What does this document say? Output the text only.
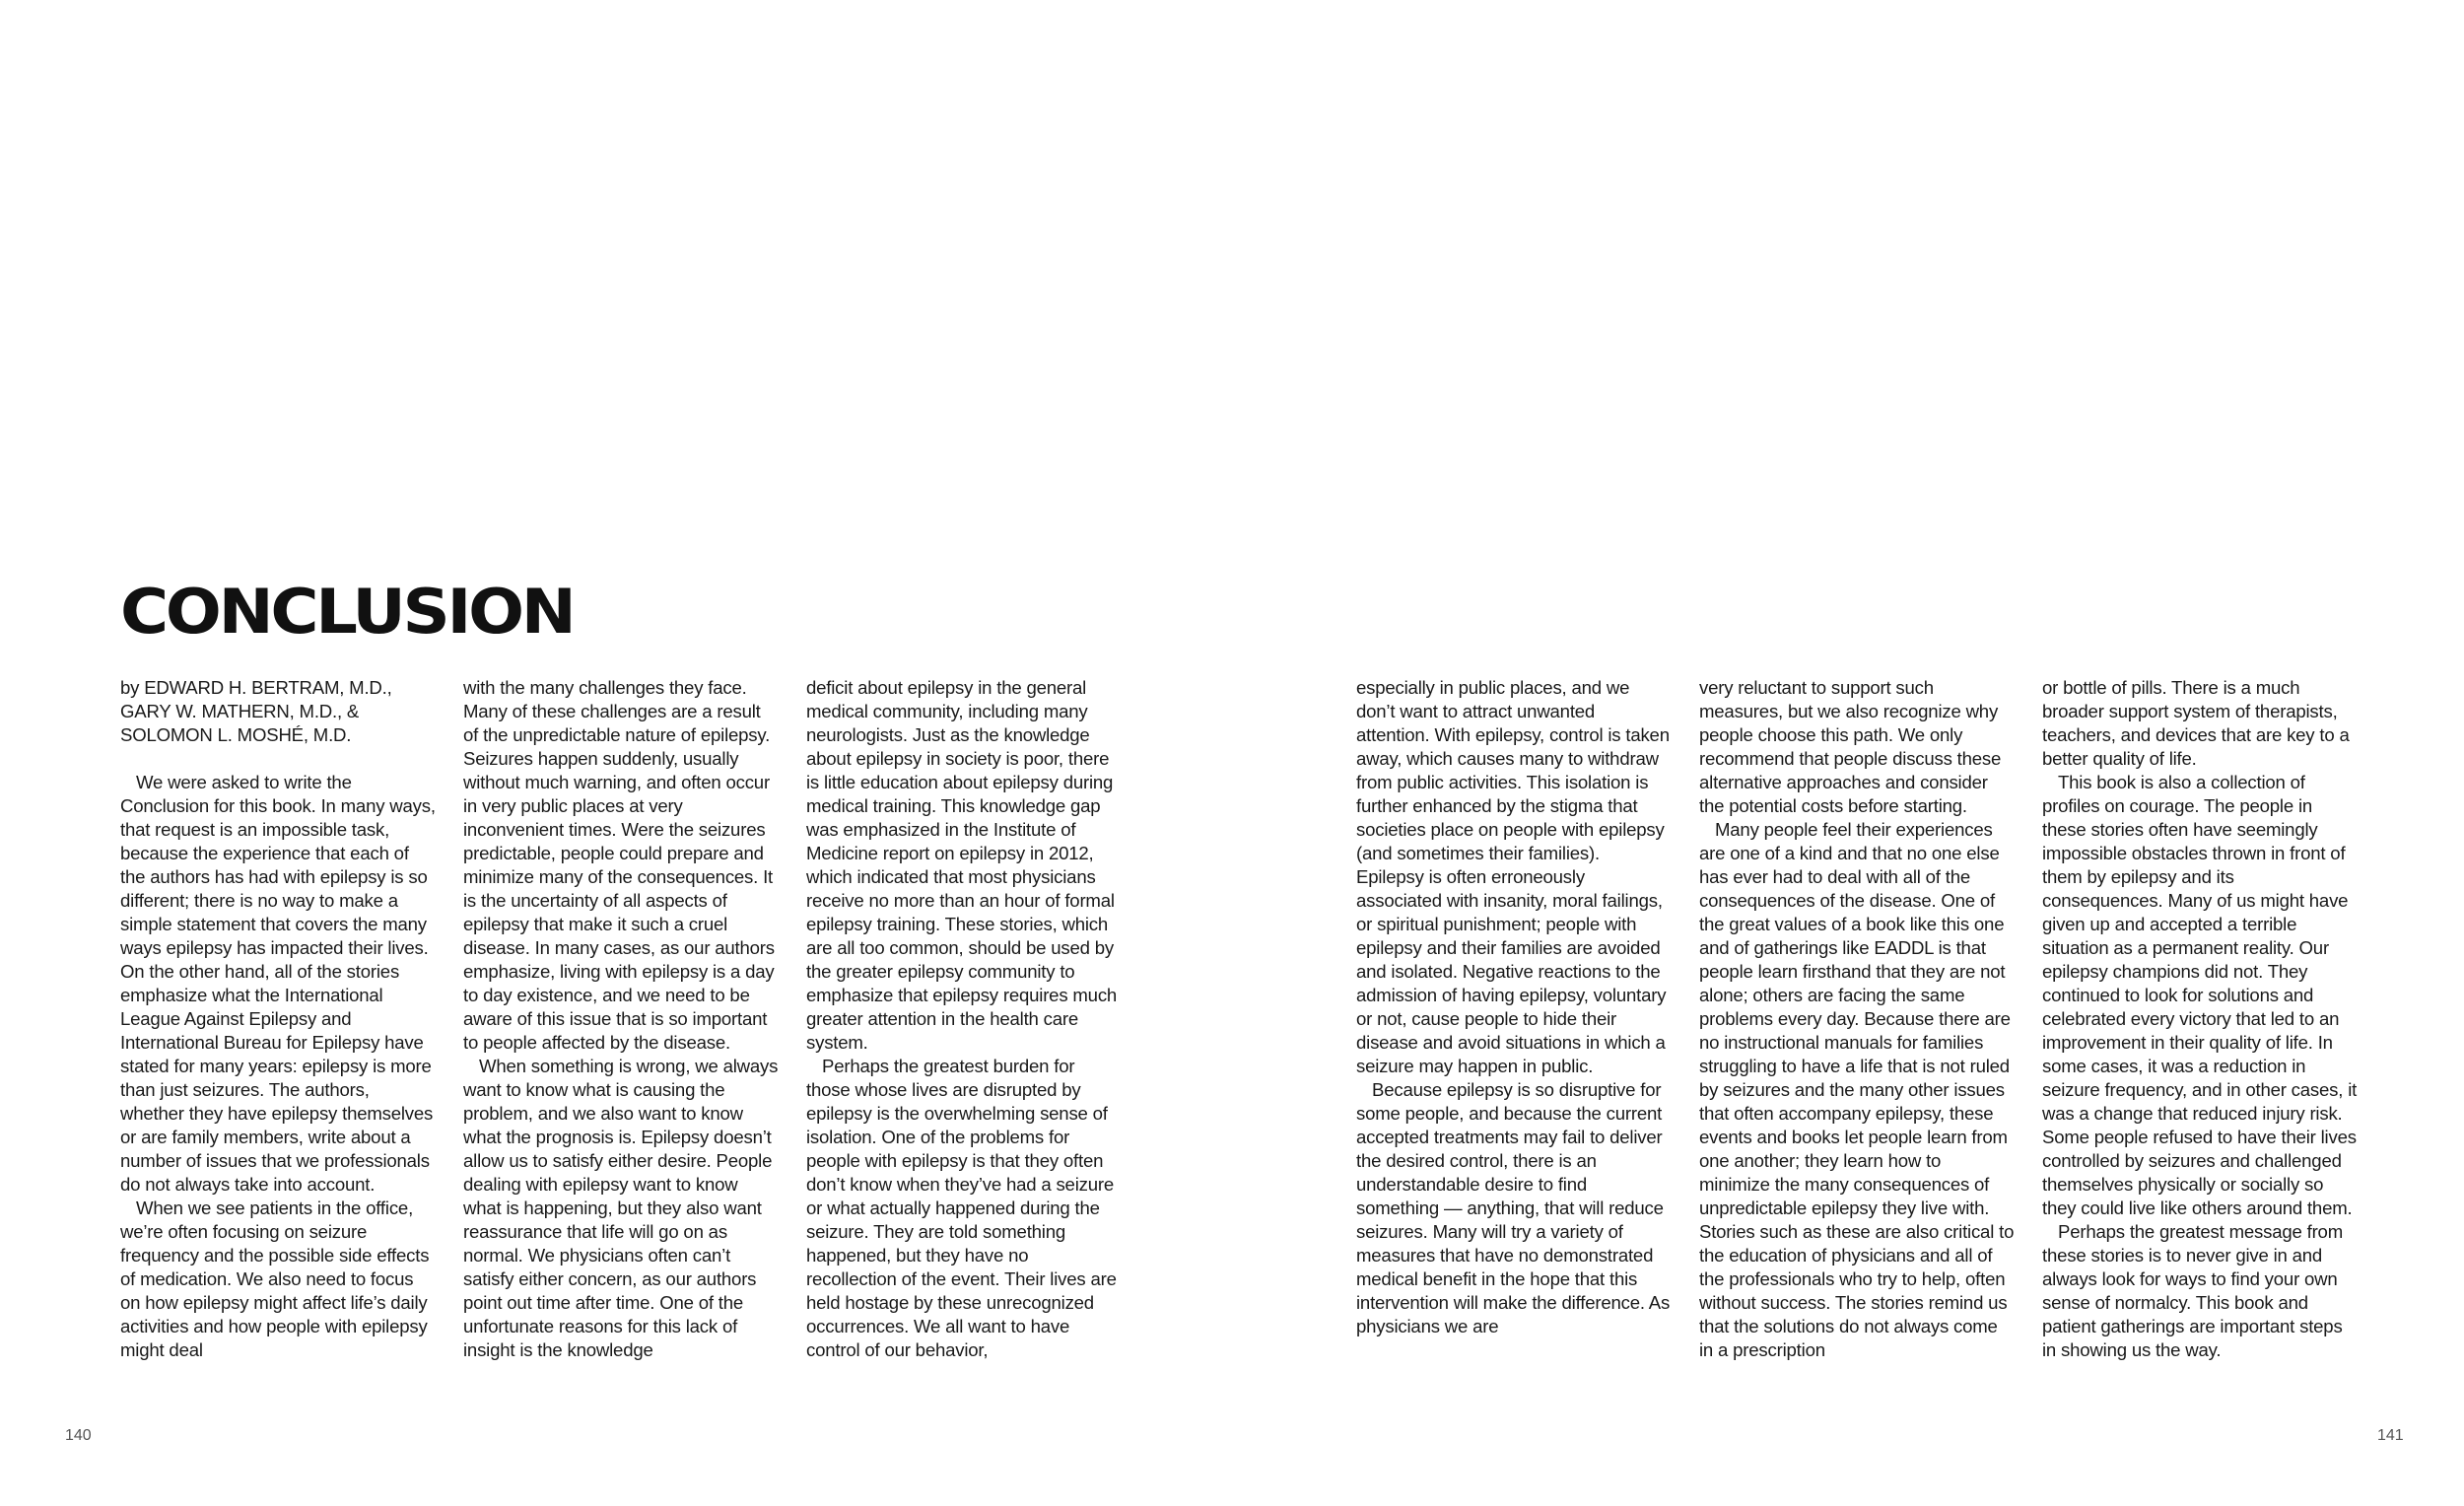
CONCLUSION

by EDWARD H. BERTRAM, M.D.,
GARY W. MATHERN, M.D., &
SOLOMON L. MOSHÉ, M.D.

We were asked to write the Conclusion for this book. In many ways, that request is an impossible task, because the experience that each of the authors has had with epilepsy is so different; there is no way to make a simple statement that covers the many ways epilepsy has impacted their lives. On the other hand, all of the stories emphasize what the International League Against Epilepsy and International Bureau for Epilepsy have stated for many years: epilepsy is more than just seizures. The authors, whether they have epilepsy themselves or are family members, write about a number of issues that we professionals do not always take into account.

When we see patients in the office, we’re often focusing on seizure frequency and the possible side effects of medication. We also need to focus on how epilepsy might affect life’s daily activities and how people with epilepsy might deal

with the many challenges they face. Many of these challenges are a result of the unpredictable nature of epilepsy. Seizures happen suddenly, usually without much warning, and often occur in very public places at very inconvenient times. Were the seizures predictable, people could prepare and minimize many of the consequences. It is the uncertainty of all aspects of epilepsy that make it such a cruel disease. In many cases, as our authors emphasize, living with epilepsy is a day to day existence, and we need to be aware of this issue that is so important to people affected by the disease.

When something is wrong, we always want to know what is causing the problem, and we also want to know what the prognosis is. Epilepsy doesn’t allow us to satisfy either desire. People dealing with epilepsy want to know what is happening, but they also want reassurance that life will go on as normal. We physicians often can’t satisfy either concern, as our authors point out time after time. One of the unfortunate reasons for this lack of insight is the knowledge

deficit about epilepsy in the general medical community, including many neurologists. Just as the knowledge about epilepsy in society is poor, there is little education about epilepsy during medical training. This knowledge gap was emphasized in the Institute of Medicine report on epilepsy in 2012, which indicated that most physicians receive no more than an hour of formal epilepsy training. These stories, which are all too common, should be used by the greater epilepsy community to emphasize that epilepsy requires much greater attention in the health care system.

Perhaps the greatest burden for those whose lives are disrupted by epilepsy is the overwhelming sense of isolation. One of the problems for people with epilepsy is that they often don’t know when they’ve had a seizure or what actually happened during the seizure. They are told something happened, but they have no recollection of the event. Their lives are held hostage by these unrecognized occurrences. We all want to have control of our behavior,

especially in public places, and we don’t want to attract unwanted attention. With epilepsy, control is taken away, which causes many to withdraw from public activities. This isolation is further enhanced by the stigma that societies place on people with epilepsy (and sometimes their families). Epilepsy is often erroneously associated with insanity, moral failings, or spiritual punishment; people with epilepsy and their families are avoided and isolated. Negative reactions to the admission of having epilepsy, voluntary or not, cause people to hide their disease and avoid situations in which a seizure may happen in public.

Because epilepsy is so disruptive for some people, and because the current accepted treatments may fail to deliver the desired control, there is an understandable desire to find something — anything, that will reduce seizures. Many will try a variety of measures that have no demonstrated medical benefit in the hope that this intervention will make the difference. As physicians we are

very reluctant to support such measures, but we also recognize why people choose this path. We only recommend that people discuss these alternative approaches and consider the potential costs before starting.

Many people feel their experiences are one of a kind and that no one else has ever had to deal with all of the consequences of the disease. One of the great values of a book like this one and of gatherings like EADDL is that people learn firsthand that they are not alone; others are facing the same problems every day. Because there are no instructional manuals for families struggling to have a life that is not ruled by seizures and the many other issues that often accompany epilepsy, these events and books let people learn from one another; they learn how to minimize the many consequences of unpredictable epilepsy they live with. Stories such as these are also critical to the education of physicians and all of the professionals who try to help, often without success. The stories remind us that the solutions do not always come in a prescription

or bottle of pills. There is a much broader support system of therapists, teachers, and devices that are key to a better quality of life.

This book is also a collection of profiles on courage. The people in these stories often have seemingly impossible obstacles thrown in front of them by epilepsy and its consequences. Many of us might have given up and accepted a terrible situation as a permanent reality. Our epilepsy champions did not. They continued to look for solutions and celebrated every victory that led to an improvement in their quality of life. In some cases, it was a reduction in seizure frequency, and in other cases, it was a change that reduced injury risk. Some people refused to have their lives controlled by seizures and challenged themselves physically or socially so they could live like others around them.

Perhaps the greatest message from these stories is to never give in and always look for ways to find your own sense of normalcy. This book and patient gatherings are important steps in showing us the way.

140	141
